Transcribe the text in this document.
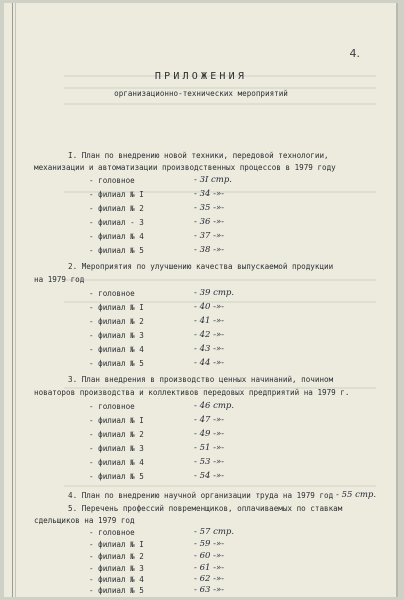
4.
ПРИЛОЖЕНИЯ
организационно-технических мероприятий
I. План по внедрению новой техники, передовой технологии,
механизации и автоматизации производственных процессов в 1979 году
- головное	- 3I стр.
- филиал № I	- 34 -»-
- филиал № 2	- 35 -»-
- филиал - 3	- 36 -»-
- филиал № 4	- 37 -»-
- филиал № 5	- 38 -»-
2. Мероприятия по улучшению качества выпускаемой продукции
на 1979 год
- головное	- 39 стр.
- филиал № I	- 40 -»-
- филиал № 2	- 41 -»-
- филиал № 3	- 42 -»-
- филиал № 4	- 43 -»-
- филиал № 5	- 44 -»-
3. План внедрения в производство ценных начинаний, почином
новаторов производства и коллективов передовых предприятий на 1979 г.
- головное	- 46 стр.
- филиал № I	- 47 -»-
- филиал № 2	- 49 -»-
- филиал № 3	- 51 -»-
- филиал № 4	- 53 -»-
- филиал № 5	- 54 -»-
4. План по внедрению научной организации труда на 1979 год - 55 стр.
5. Перечень профессий повременщиков, оплачиваемых по ставкам
сдельщиков на 1979 год
- головное	- 57 стр.
- филиал № I	- 59 -»-
- филиал № 2	- 60 -»-
- филиал № 3	- 61 -»-
- филиал № 4	- 62 -»-
- филиал № 5	- 63 -»-
